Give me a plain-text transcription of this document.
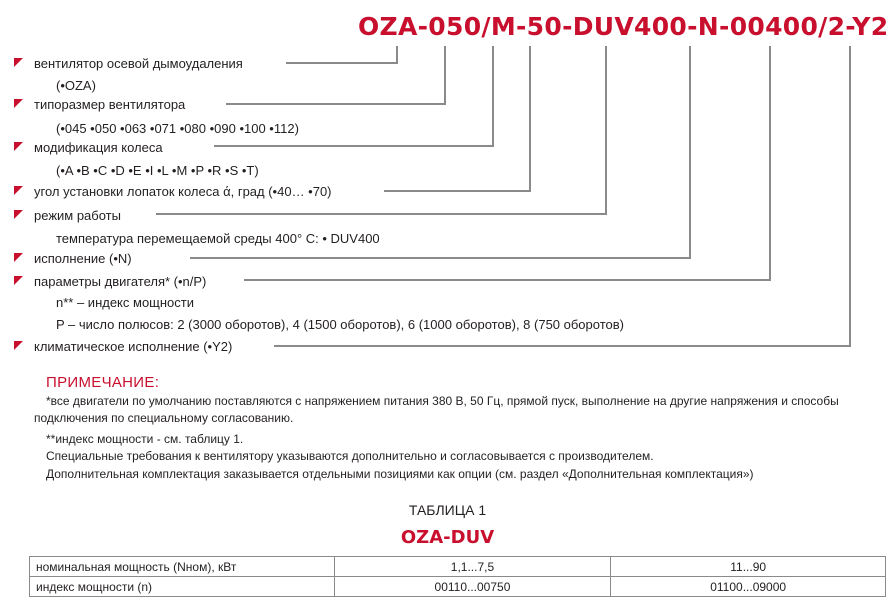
OZA-050/M-50-DUV400-N-00400/2-Y2
вентилятор осевой дымоудаления
(•OZA)
типоразмер вентилятора
(•045 •050 •063 •071 •080 •090 •100 •112)
модификация колеса
(•A •B •C •D •E •I •L •M •P •R •S •T)
угол установки лопаток колеса ά, град (•40… •70)
режим работы
температура перемещаемой среды 400° С: • DUV400
исполнение (•N)
параметры двигателя* (•n/P)
n** – индекс мощности
P – число полюсов: 2 (3000 оборотов), 4 (1500 оборотов), 6 (1000 оборотов), 8 (750 оборотов)
климатическое исполнение (•Y2)
ПРИМЕЧАНИЕ:
*все двигатели по умолчанию поставляются с напряжением питания 380 В, 50 Гц, прямой пуск, выполнение на другие напряжения и способы
подключения по специальному согласованию.
**индекс мощности - см. таблицу 1.
Специальные требования к вентилятору указываются дополнительно и согласовывается с производителем.
Дополнительная комплектация заказывается отдельными позициями как опции (см. раздел «Дополнительная комплектация»)
ТАБЛИЦА 1
OZA-DUV
номинальная мощность (Nном), кВт	1,1...7,5	11...90
индекс мощности (n)	00110...00750	01100...09000
